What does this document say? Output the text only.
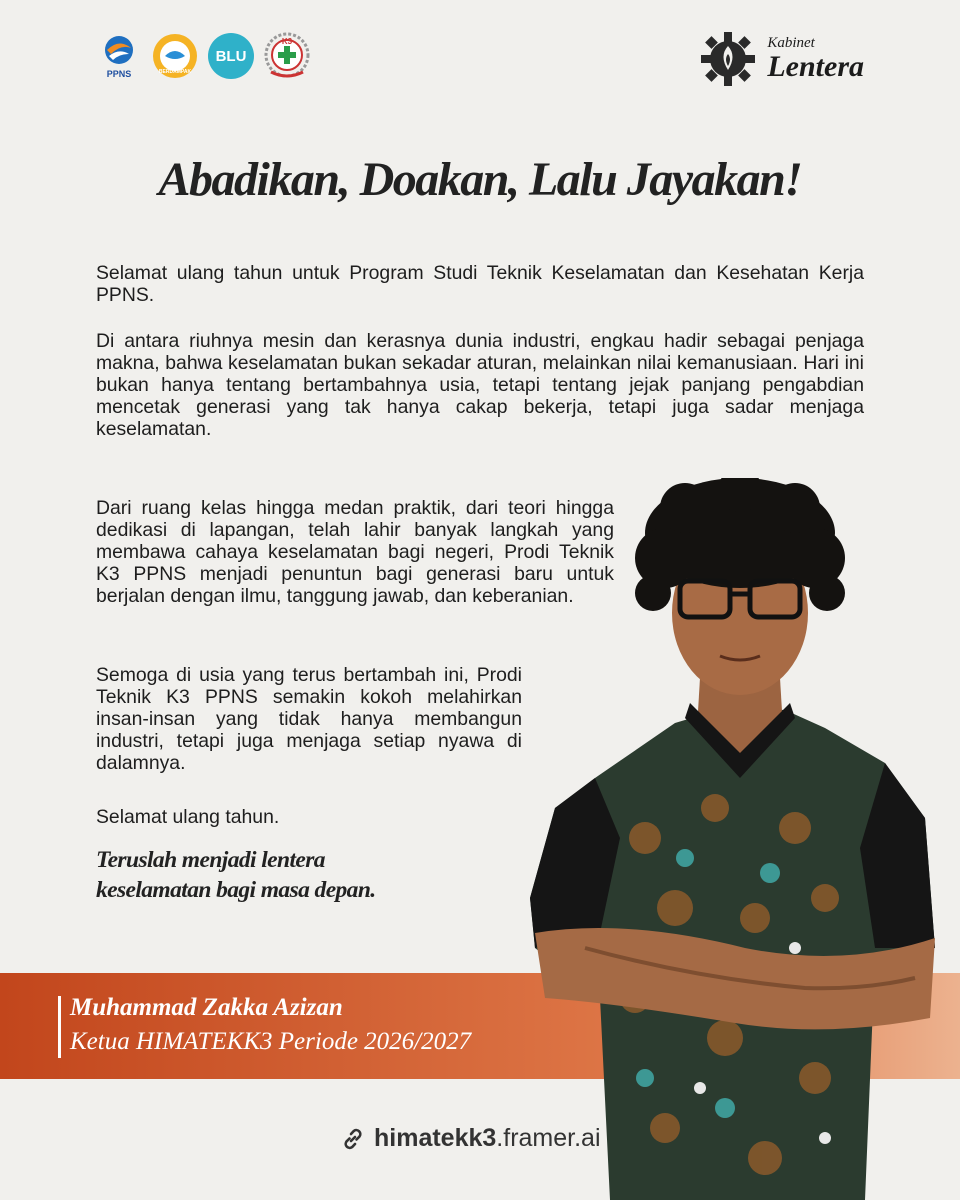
PPNS	BERDAMPAK
BLU
K3	Kabinet
Lentera
Abadikan, Doakan, Lalu Jayakan!

Selamat ulang tahun untuk Program Studi Teknik Keselamatan dan Kesehatan Kerja PPNS.

Di antara riuhnya mesin dan kerasnya dunia industri, engkau hadir sebagai penjaga makna, bahwa keselamatan bukan sekadar aturan, melainkan nilai kemanusiaan. Hari ini bukan hanya tentang bertambahnya usia, tetapi tentang jejak panjang pengabdian mencetak generasi yang tak hanya cakap bekerja, tetapi juga sadar menjaga keselamatan.

Dari ruang kelas hingga medan praktik, dari teori hingga dedikasi di lapangan, telah lahir banyak langkah yang membawa cahaya keselamatan bagi negeri, Prodi Teknik K3 PPNS menjadi penuntun bagi generasi baru untuk berjalan dengan ilmu, tanggung jawab, dan keberanian.

Semoga di usia yang terus bertambah ini, Prodi Teknik K3 PPNS semakin kokoh melahirkan insan-insan yang tidak hanya membangun industri, tetapi juga menjaga setiap nyawa di dalamnya.

Selamat ulang tahun.

Teruslah menjadi lentera
keselamatan bagi masa depan.

Muhammad Zakka Azizan

Ketua HIMATEKK3 Periode 2026/2027

himatekk3.framer.ai
